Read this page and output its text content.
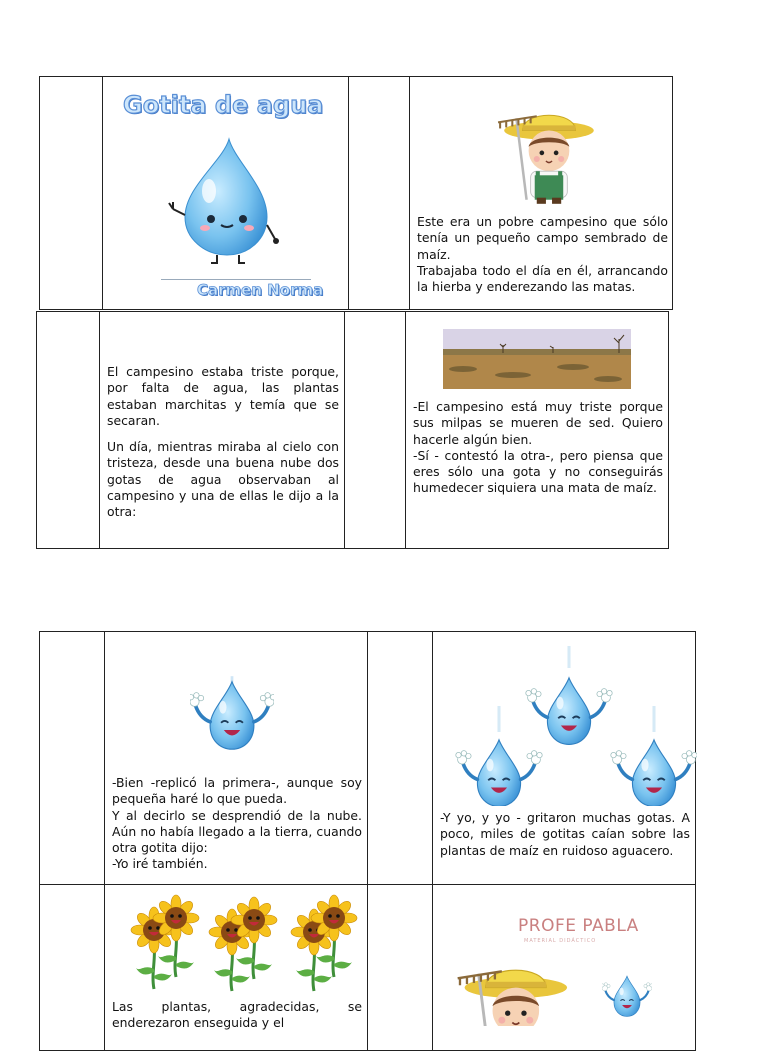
Gotita de agua
Carmen Norma

Este era un pobre campesino que sólo tenía un pequeño campo sembrado de maíz.

Trabajaba todo el día en él, arrancando la hierba y enderezando las matas.

El campesino estaba triste porque, por falta de agua, las plantas estaban marchitas y temía que se secaran.

Un día, mientras miraba al cielo con tristeza, desde una buena nube dos gotas de agua observaban al campesino y una de ellas le dijo a la otra:

-El campesino está muy triste porque sus milpas se mueren de sed. Quiero hacerle algún bien.

-Sí - contestó la otra-, pero piensa que eres sólo una gota y no conseguirás humedecer siquiera una mata de maíz.

-Bien -replicó la primera-, aunque soy pequeña haré lo que pueda.

Y al decirlo se desprendió de la nube. Aún no había llegado a la tierra, cuando otra gotita dijo:

-Yo iré también.

-Y yo, y yo - gritaron muchas gotas. A poco, miles de gotitas caían sobre las plantas de maíz en ruidoso aguacero.

Las plantas, agradecidas, se enderezaron enseguida y el

PROFE PABLA
MATERIAL DIDÁCTICO
